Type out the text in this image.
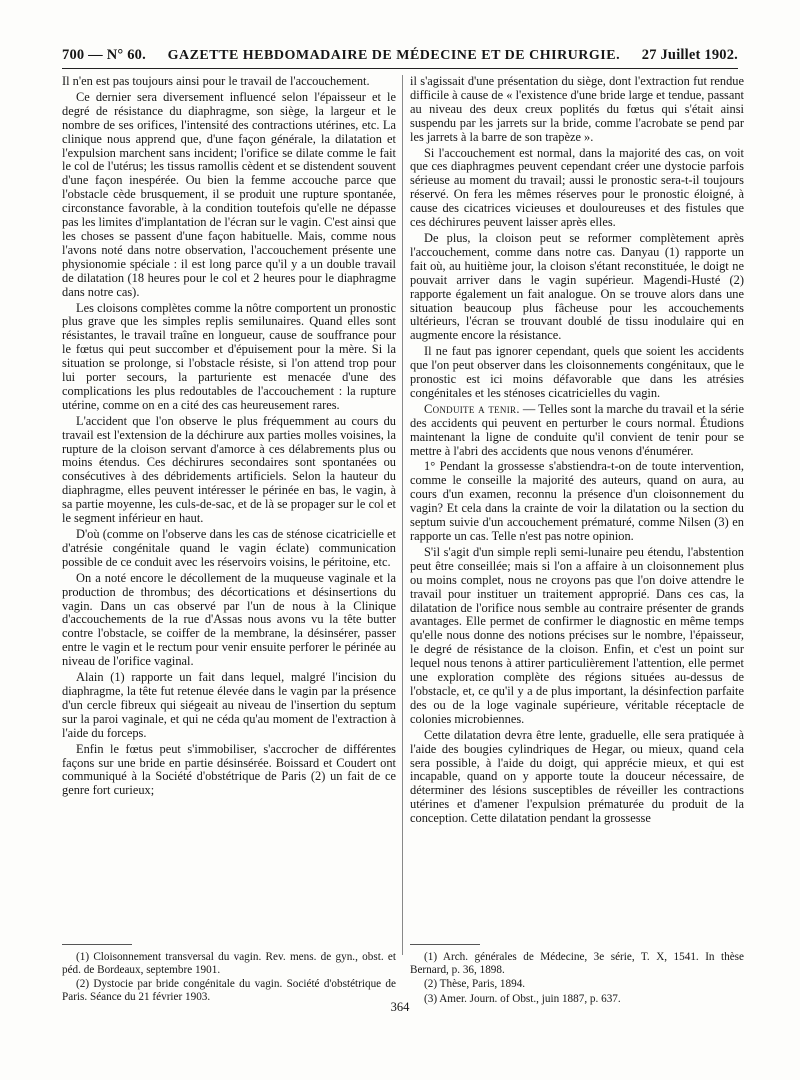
700 — N° 60. GAZETTE HEBDOMADAIRE DE MÉDECINE ET DE CHIRURGIE. 27 Juillet 1902.

Il n'en est pas toujours ainsi pour le travail de l'accouchement.

Ce dernier sera diversement influencé selon l'épaisseur et le degré de résistance du diaphragme, son siège, la largeur et le nombre de ses orifices, l'intensité des contractions utérines, etc. La clinique nous apprend que, d'une façon générale, la dilatation et l'expulsion marchent sans incident; l'orifice se dilate comme le fait le col de l'utérus; les tissus ramollis cèdent et se distendent souvent d'une façon inespérée. Ou bien la femme accouche parce que l'obstacle cède brusquement, il se produit une rupture spontanée, circonstance favorable, à la condition toutefois qu'elle ne dépasse pas les limites d'implantation de l'écran sur le vagin. C'est ainsi que les choses se passent d'une façon habituelle. Mais, comme nous l'avons noté dans notre observation, l'accouchement présente une physionomie spéciale : il est long parce qu'il y a un double travail de dilatation (18 heures pour le col et 2 heures pour le diaphragme dans notre cas).

Les cloisons complètes comme la nôtre comportent un pronostic plus grave que les simples replis semilunaires. Quand elles sont résistantes, le travail traîne en longueur, cause de souffrance pour le fœtus qui peut succomber et d'épuisement pour la mère. Si la situation se prolonge, si l'obstacle résiste, si l'on attend trop pour lui porter secours, la parturiente est menacée d'une des complications les plus redoutables de l'accouchement : la rupture utérine, comme on en a cité des cas heureusement rares.

L'accident que l'on observe le plus fréquemment au cours du travail est l'extension de la déchirure aux parties molles voisines, la rupture de la cloison servant d'amorce à ces délabrements plus ou moins étendus. Ces déchirures secondaires sont spontanées ou consécutives à des débridements artificiels. Selon la hauteur du diaphragme, elles peuvent intéresser le périnée en bas, le vagin, à sa partie moyenne, les culs-de-sac, et de là se propager sur le col et le segment inférieur en haut.

D'où (comme on l'observe dans les cas de sténose cicatricielle et d'atrésie congénitale quand le vagin éclate) communication possible de ce conduit avec les réservoirs voisins, le péritoine, etc.

On a noté encore le décollement de la muqueuse vaginale et la production de thrombus; des décortications et désinsertions du vagin. Dans un cas observé par l'un de nous à la Clinique d'accouchements de la rue d'Assas nous avons vu la tête butter contre l'obstacle, se coiffer de la membrane, la désinsérer, passer entre le vagin et le rectum pour venir ensuite perforer le périnée au niveau de l'orifice vaginal.

Alain (1) rapporte un fait dans lequel, malgré l'incision du diaphragme, la tête fut retenue élevée dans le vagin par la présence d'un cercle fibreux qui siégeait au niveau de l'insertion du septum sur la paroi vaginale, et qui ne céda qu'au moment de l'extraction à l'aide du forceps.

Enfin le fœtus peut s'immobiliser, s'accrocher de différentes façons sur une bride en partie désinsérée. Boissard et Coudert ont communiqué à la Société d'obstétrique de Paris (2) un fait de ce genre fort curieux;

il s'agissait d'une présentation du siège, dont l'extraction fut rendue difficile à cause de « l'existence d'une bride large et tendue, passant au niveau des deux creux poplités du fœtus qui s'était ainsi suspendu par les jarrets sur la bride, comme l'acrobate se pend par les jarrets à la barre de son trapèze ».

Si l'accouchement est normal, dans la majorité des cas, on voit que ces diaphragmes peuvent cependant créer une dystocie parfois sérieuse au moment du travail; aussi le pronostic sera-t-il toujours réservé. On fera les mêmes réserves pour le pronostic éloigné, à cause des cicatrices vicieuses et douloureuses et des fistules que ces déchirures peuvent laisser après elles.

De plus, la cloison peut se reformer complètement après l'accouchement, comme dans notre cas. Danyau (1) rapporte un fait où, au huitième jour, la cloison s'étant reconstituée, le doigt ne pouvait arriver dans le vagin supérieur. Magendi-Husté (2) rapporte également un fait analogue. On se trouve alors dans une situation beaucoup plus fâcheuse pour les accouchements ultérieurs, l'écran se trouvant doublé de tissu inodulaire qui en augmente encore la résistance.

Il ne faut pas ignorer cependant, quels que soient les accidents que l'on peut observer dans les cloisonnements congénitaux, que le pronostic est ici moins défavorable que dans les atrésies congénitales et les sténoses cicatricielles du vagin.

Conduite a tenir. — Telles sont la marche du travail et la série des accidents qui peuvent en perturber le cours normal. Étudions maintenant la ligne de conduite qu'il convient de tenir pour se mettre à l'abri des accidents que nous venons d'énumérer.

1° Pendant la grossesse s'abstiendra-t-on de toute intervention, comme le conseille la majorité des auteurs, quand on aura, au cours d'un examen, reconnu la présence d'un cloisonnement du vagin? Et cela dans la crainte de voir la dilatation ou la section du septum suivie d'un accouchement prématuré, comme Nilsen (3) en rapporte un cas. Telle n'est pas notre opinion.

S'il s'agit d'un simple repli semi-lunaire peu étendu, l'abstention peut être conseillée; mais si l'on a affaire à un cloisonnement plus ou moins complet, nous ne croyons pas que l'on doive attendre le travail pour instituer un traitement approprié. Dans ces cas, la dilatation de l'orifice nous semble au contraire présenter de grands avantages. Elle permet de confirmer le diagnostic en même temps qu'elle nous donne des notions précises sur le nombre, l'épaisseur, le degré de résistance de la cloison. Enfin, et c'est un point sur lequel nous tenons à attirer particulièrement l'attention, elle permet une exploration complète des régions situées au-dessus de l'obstacle, et, ce qu'il y a de plus important, la désinfection parfaite des ou de la loge vaginale supérieure, véritable réceptacle de colonies microbiennes.

Cette dilatation devra être lente, graduelle, elle sera pratiquée à l'aide des bougies cylindriques de Hegar, ou mieux, quand cela sera possible, à l'aide du doigt, qui apprécie mieux, et qui est incapable, quand on y apporte toute la douceur nécessaire, de déterminer des lésions susceptibles de réveiller les contractions utérines et d'amener l'expulsion prématurée du produit de la conception. Cette dilatation pendant la grossesse

(1) Cloisonnement transversal du vagin. Rev. mens. de gyn., obst. et péd. de Bordeaux, septembre 1901.

(2) Dystocie par bride congénitale du vagin. Société d'obstétrique de Paris. Séance du 21 février 1903.

(1) Arch. générales de Médecine, 3e série, T. X, 1541. In thèse Bernard, p. 36, 1898.

(2) Thèse, Paris, 1894.

(3) Amer. Journ. of Obst., juin 1887, p. 637.

364
